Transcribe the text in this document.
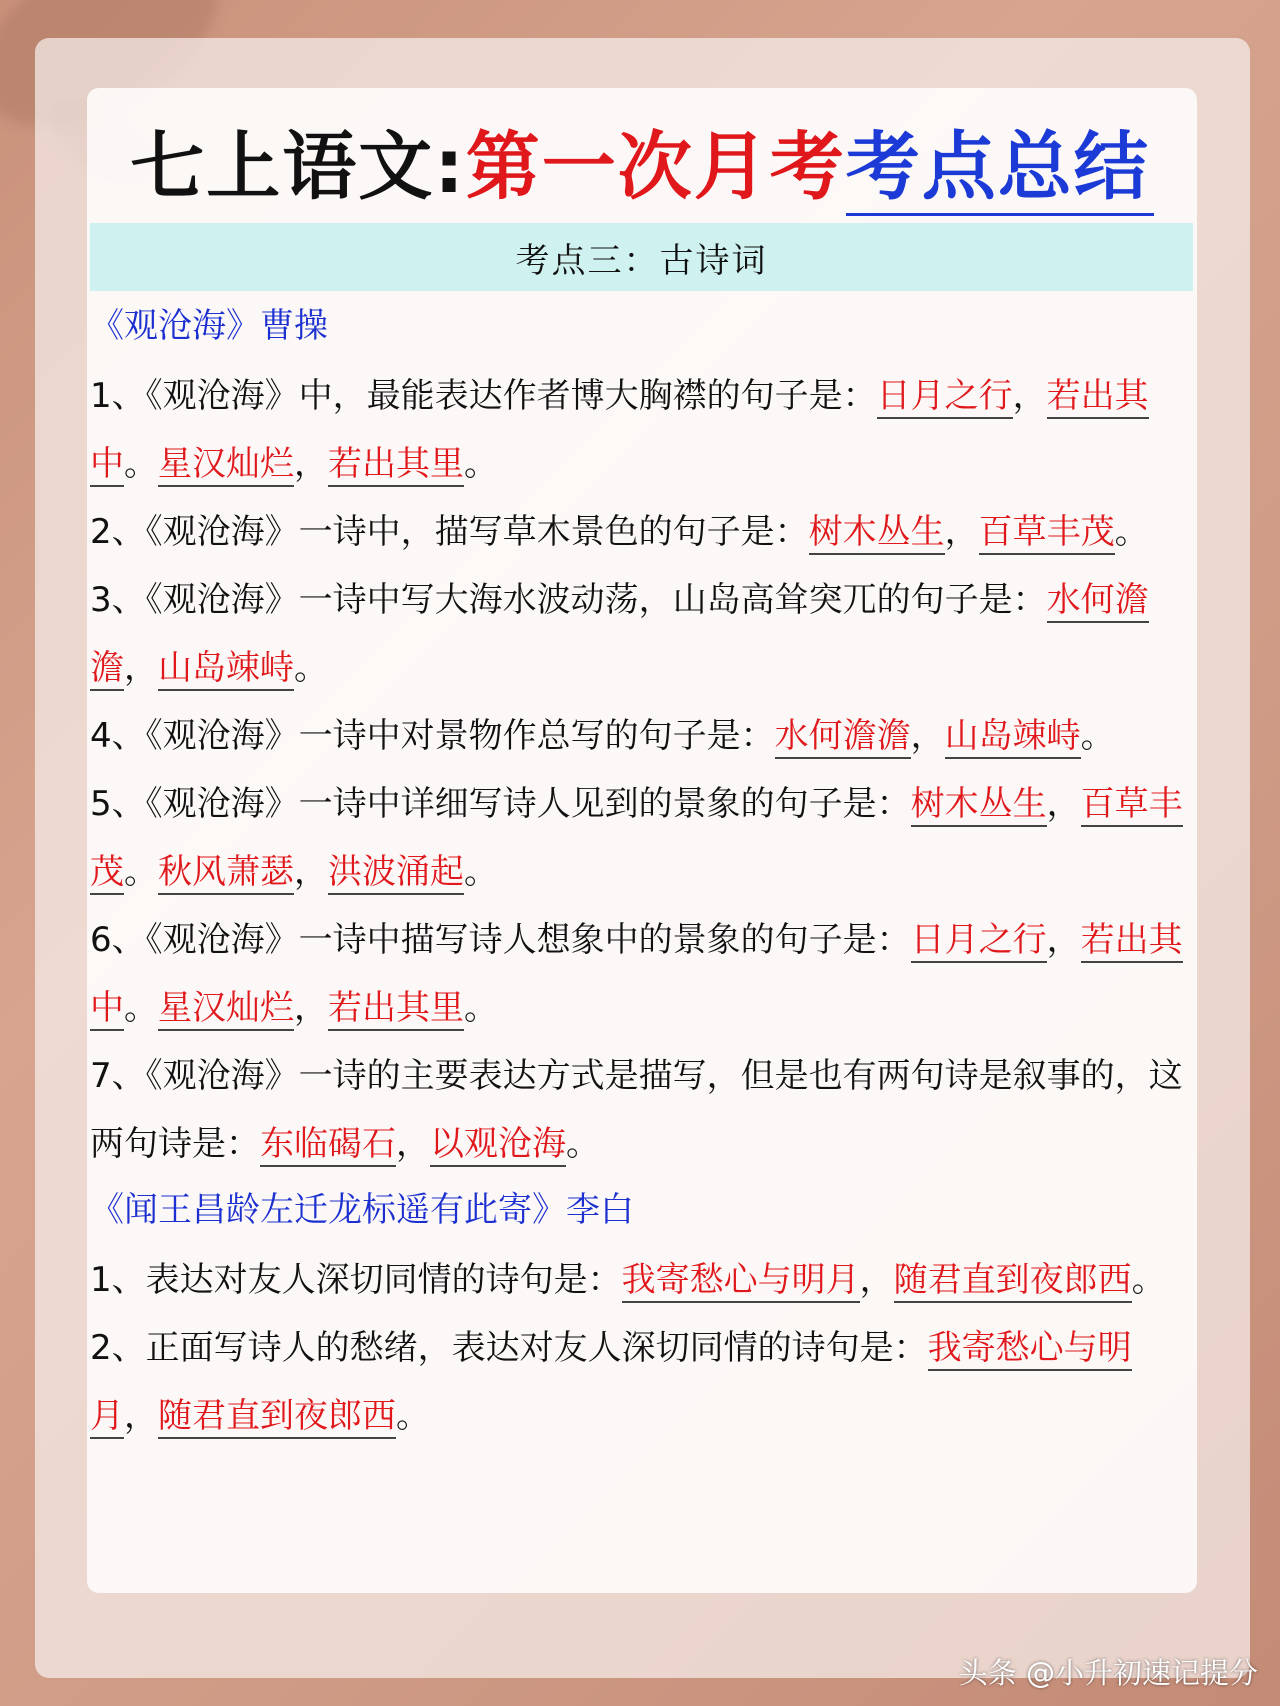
七上语文:第一次月考考点总结
考点三：古诗词
《观沧海》曹操
1、《观沧海》中，最能表达作者博大胸襟的句子是：日月之行，若出其中。星汉灿烂，若出其里。
2、《观沧海》一诗中，描写草木景色的句子是：树木丛生，百草丰茂。
3、《观沧海》一诗中写大海水波动荡，山岛高耸突兀的句子是：水何澹澹，山岛竦峙。
4、《观沧海》一诗中对景物作总写的句子是：水何澹澹，山岛竦峙。
5、《观沧海》一诗中详细写诗人见到的景象的句子是：树木丛生，百草丰茂。秋风萧瑟，洪波涌起。
6、《观沧海》一诗中描写诗人想象中的景象的句子是：日月之行，若出其中。星汉灿烂，若出其里。
7、《观沧海》一诗的主要表达方式是描写，但是也有两句诗是叙事的，这两句诗是：东临碣石，以观沧海。
《闻王昌龄左迁龙标遥有此寄》李白
1、表达对友人深切同情的诗句是：我寄愁心与明月，随君直到夜郎西。
2、正面写诗人的愁绪，表达对友人深切同情的诗句是：我寄愁心与明月，随君直到夜郎西。
头条 @小升初速记提分
